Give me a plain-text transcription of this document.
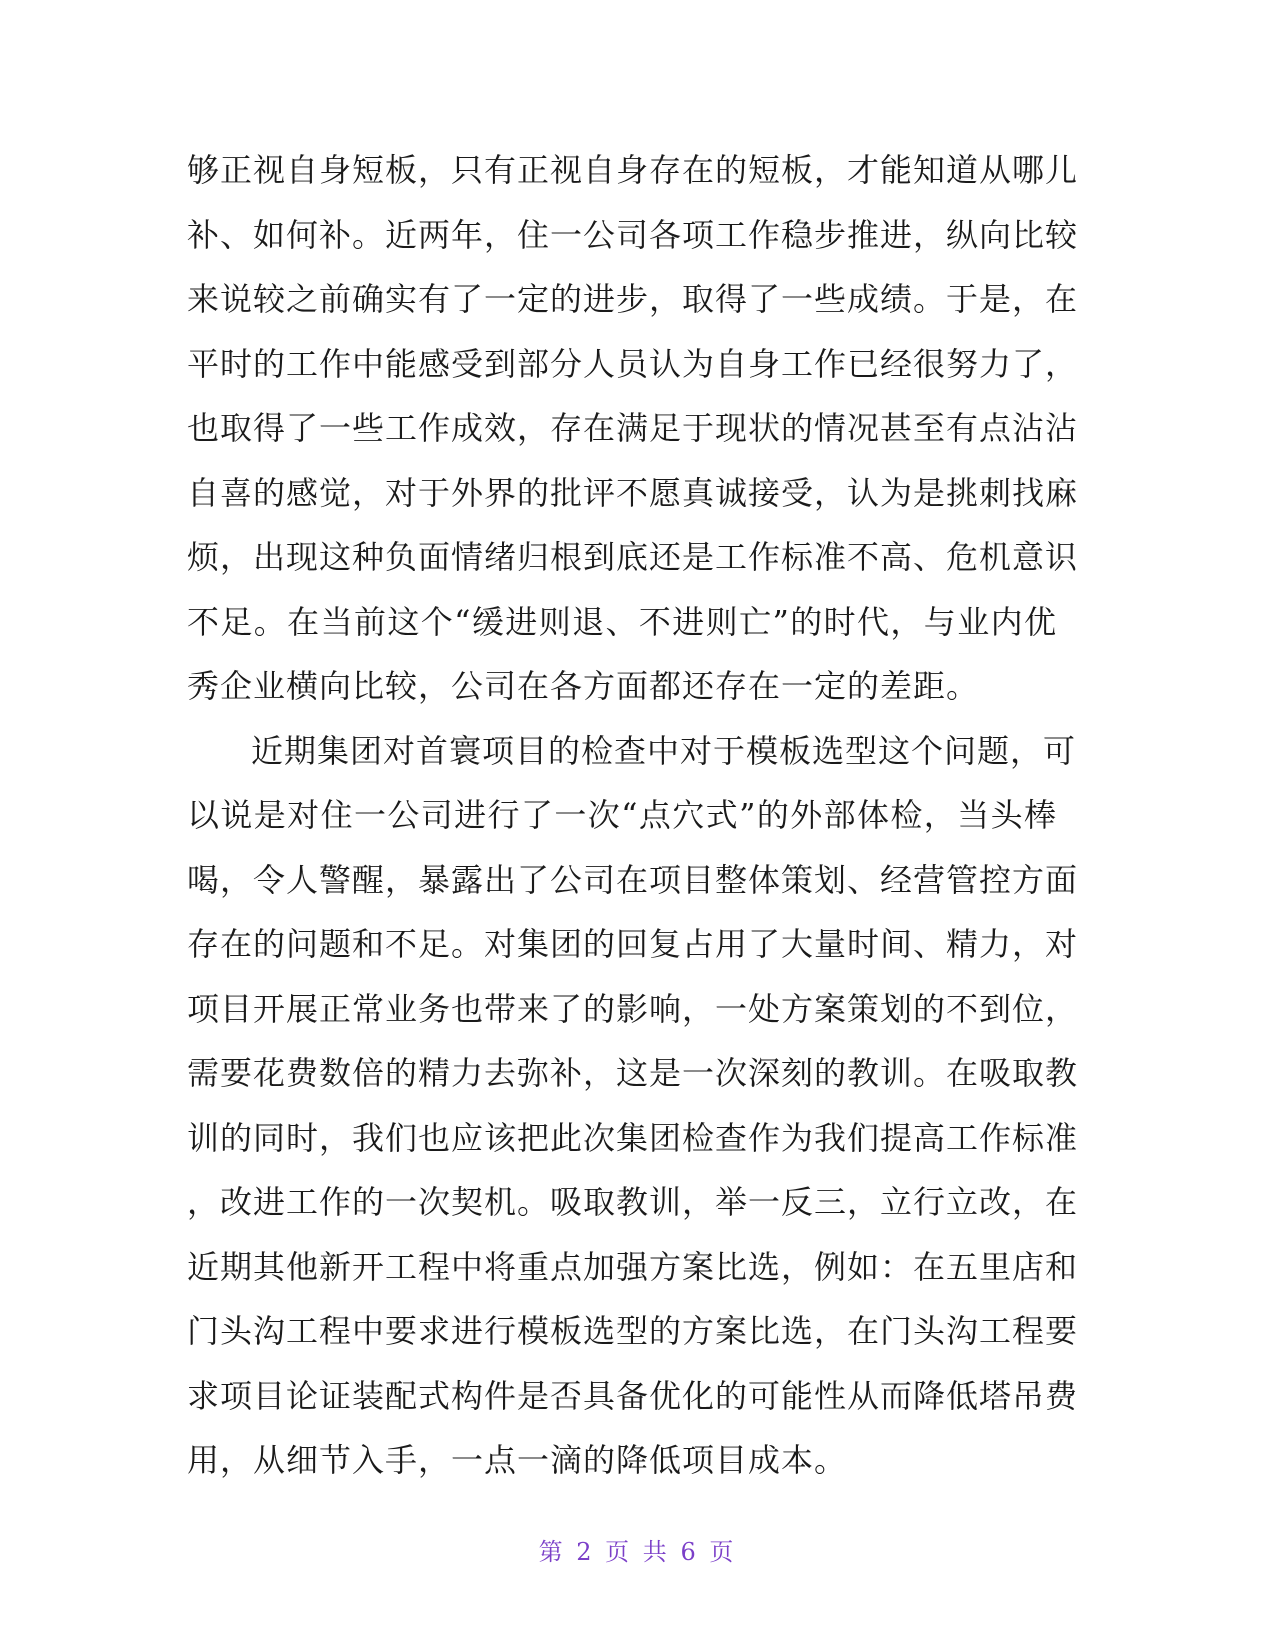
够正视自身短板，只有正视自身存在的短板，才能知道从哪儿
补、如何补。近两年，住一公司各项工作稳步推进，纵向比较
来说较之前确实有了一定的进步，取得了一些成绩。于是，在
平时的工作中能感受到部分人员认为自身工作已经很努力了，
也取得了一些工作成效，存在满足于现状的情况甚至有点沾沾
自喜的感觉，对于外界的批评不愿真诚接受，认为是挑刺找麻
烦，出现这种负面情绪归根到底还是工作标准不高、危机意识
不足。在当前这个“缓进则退、不进则亡”的时代，与业内优
秀企业横向比较，公司在各方面都还存在一定的差距。
近期集团对首寰项目的检查中对于模板选型这个问题，可
以说是对住一公司进行了一次“点穴式”的外部体检，当头棒
喝，令人警醒，暴露出了公司在项目整体策划、经营管控方面
存在的问题和不足。对集团的回复占用了大量时间、精力，对
项目开展正常业务也带来了的影响，一处方案策划的不到位，
需要花费数倍的精力去弥补，这是一次深刻的教训。在吸取教
训的同时，我们也应该把此次集团检查作为我们提高工作标准
，改进工作的一次契机。吸取教训，举一反三，立行立改，在
近期其他新开工程中将重点加强方案比选，例如：在五里店和
门头沟工程中要求进行模板选型的方案比选，在门头沟工程要
求项目论证装配式构件是否具备优化的可能性从而降低塔吊费
用，从细节入手，一点一滴的降低项目成本。
第 2 页 共 6 页
